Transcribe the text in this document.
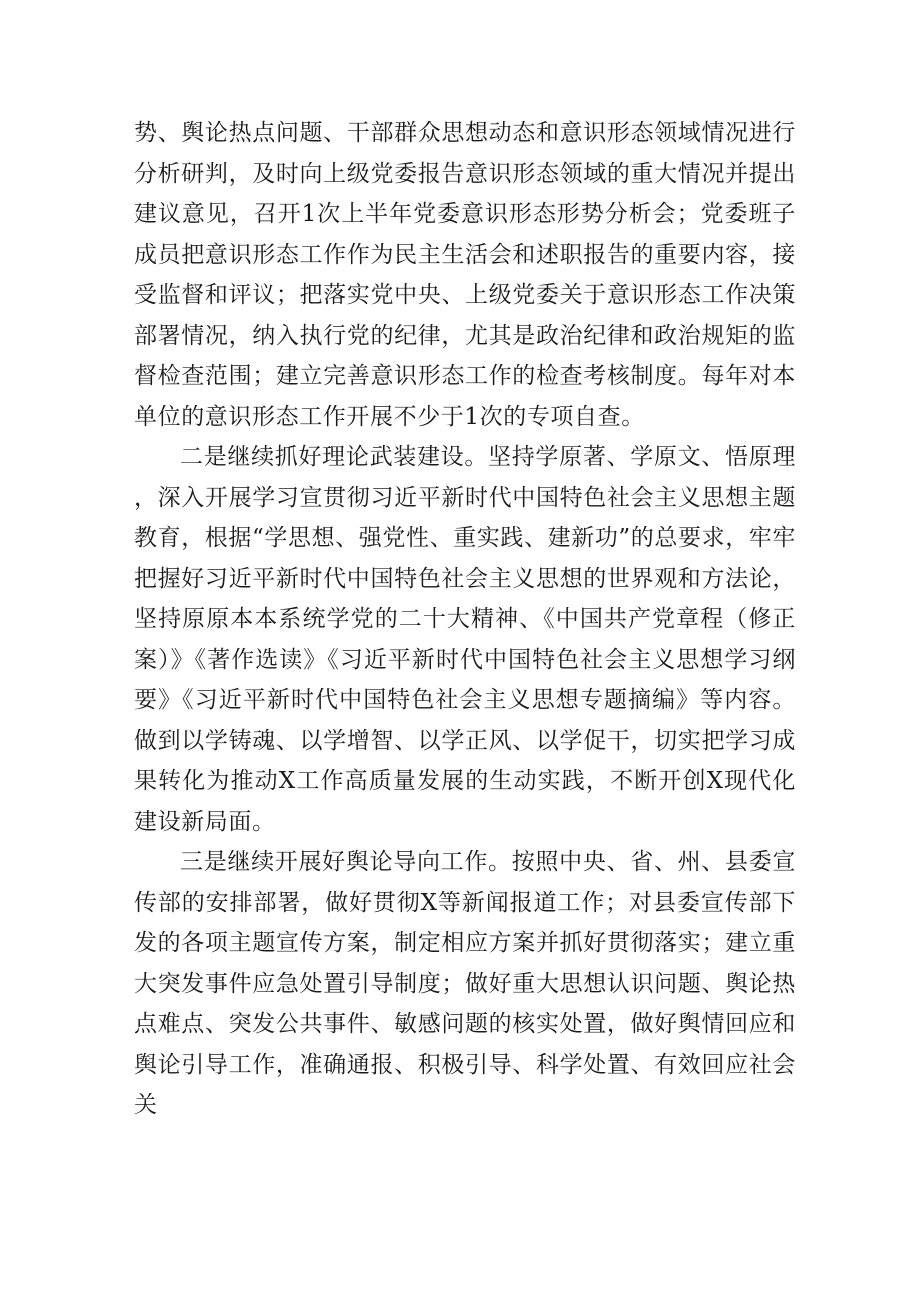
势、舆论热点问题、干部群众思想动态和意识形态领域情况进行分析研判，及时向上级党委报告意识形态领域的重大情况并提出建议意见，召开1次上半年党委意识形态形势分析会；党委班子成员把意识形态工作作为民主生活会和述职报告的重要内容，接受监督和评议；把落实党中央、上级党委关于意识形态工作决策部署情况，纳入执行党的纪律，尤其是政治纪律和政治规矩的监督检查范围；建立完善意识形态工作的检查考核制度。每年对本单位的意识形态工作开展不少于1次的专项自查。

二是继续抓好理论武装建设。坚持学原著、学原文、悟原理，深入开展学习宣贯彻习近平新时代中国特色社会主义思想主题教育，根据“学思想、强党性、重实践、建新功”的总要求，牢牢把握好习近平新时代中国特色社会主义思想的世界观和方法论，坚持原原本本系统学党的二十大精神、《中国共产党章程（修正案）》《著作选读》《习近平新时代中国特色社会主义思想学习纲要》《习近平新时代中国特色社会主义思想专题摘编》等内容。做到以学铸魂、以学增智、以学正风、以学促干，切实把学习成果转化为推动X工作高质量发展的生动实践，不断开创X现代化建设新局面。

三是继续开展好舆论导向工作。按照中央、省、州、县委宣传部的安排部署，做好贯彻X等新闻报道工作；对县委宣传部下发的各项主题宣传方案，制定相应方案并抓好贯彻落实；建立重大突发事件应急处置引导制度；做好重大思想认识问题、舆论热点难点、突发公共事件、敏感问题的核实处置，做好舆情回应和舆论引导工作，准确通报、积极引导、科学处置、有效回应社会关
